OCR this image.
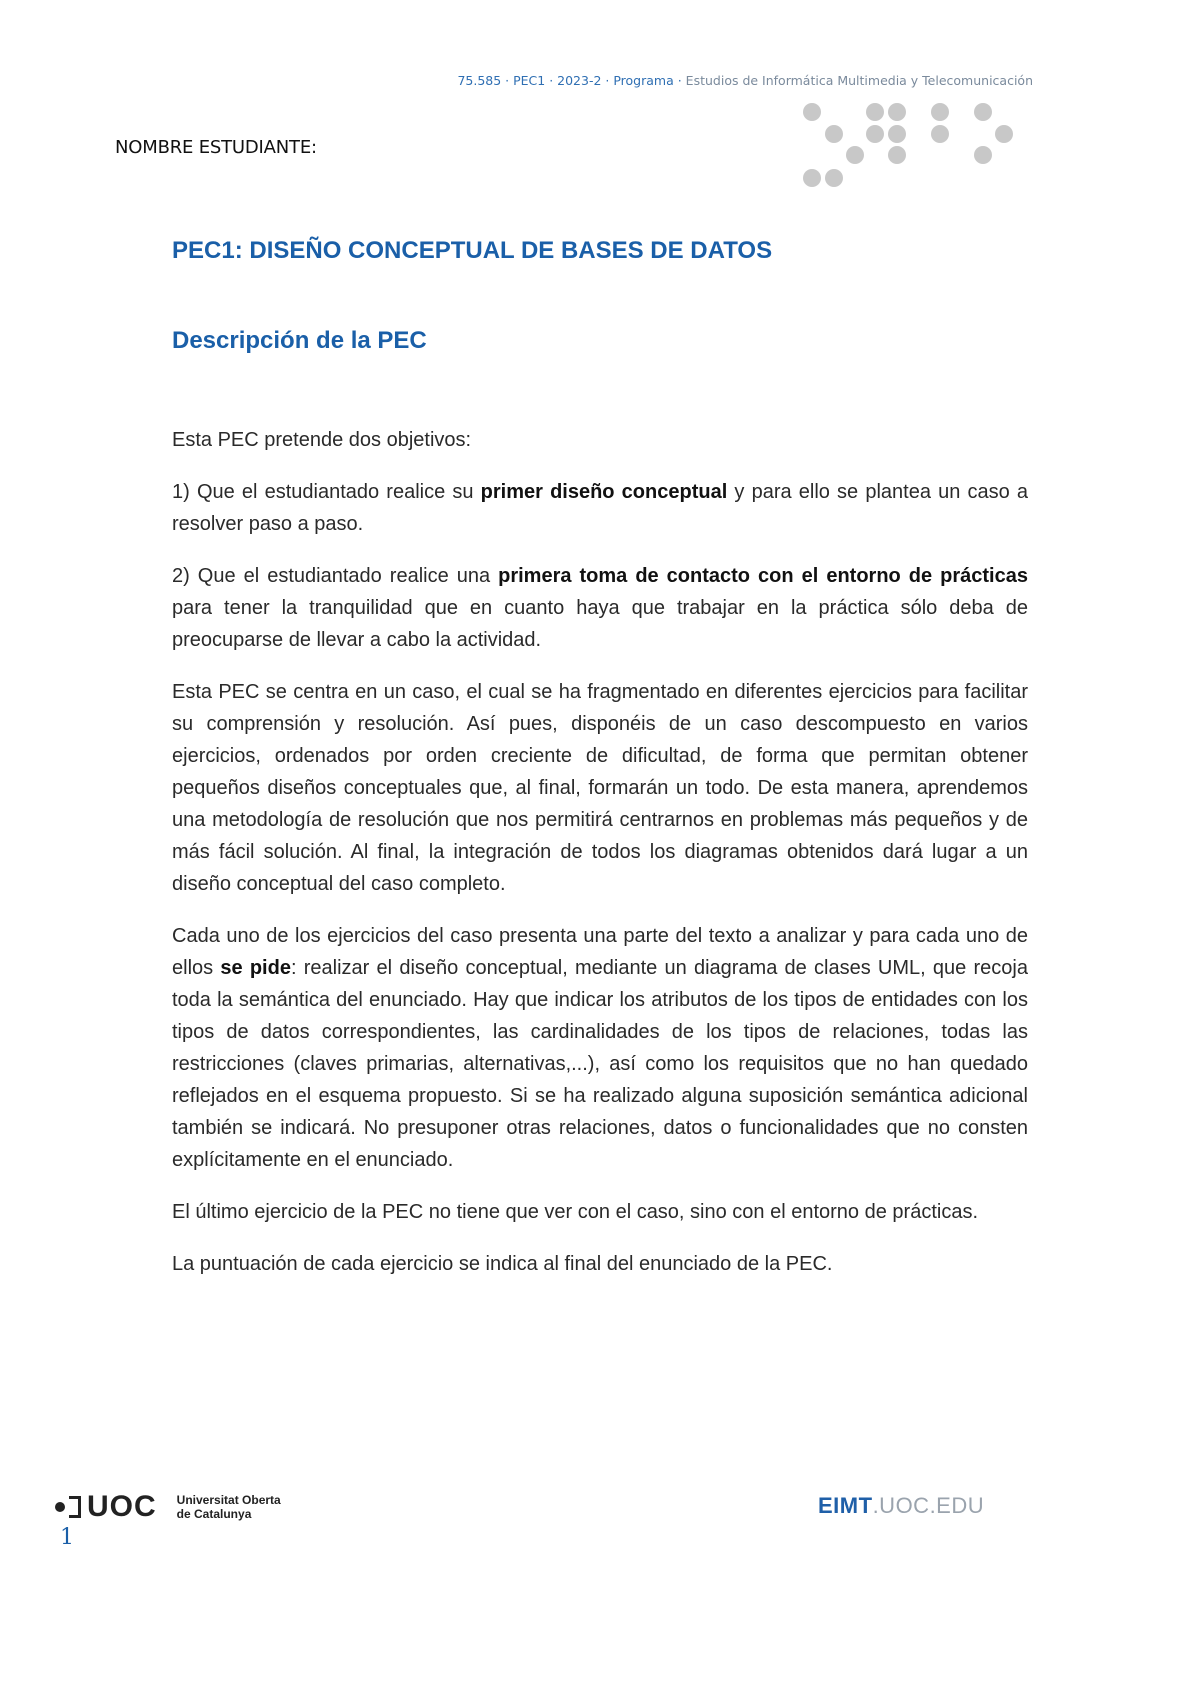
75.585 · PEC1 · 2023-2 · Programa · Estudios de Informática Multimedia y Telecomunicación
NOMBRE ESTUDIANTE:
PEC1: DISEÑO CONCEPTUAL DE BASES DE DATOS
Descripción de la PEC

Esta PEC pretende dos objetivos:

1) Que el estudiantado realice su primer diseño conceptual y para ello se plantea un caso a resolver paso a paso.

2) Que el estudiantado realice una primera toma de contacto con el entorno de prácticas para tener la tranquilidad que en cuanto haya que trabajar en la práctica sólo deba de preocuparse de llevar a cabo la actividad.

Esta PEC se centra en un caso, el cual se ha fragmentado en diferentes ejercicios para facilitar su comprensión y resolución. Así pues, disponéis de un caso descompuesto en varios ejercicios, ordenados por orden creciente de dificultad, de forma que permitan obtener pequeños diseños conceptuales que, al final, formarán un todo. De esta manera, aprendemos una metodología de resolución que nos permitirá centrarnos en problemas más pequeños y de más fácil solución. Al final, la integración de todos los diagramas obtenidos dará lugar a un diseño conceptual del caso completo.

Cada uno de los ejercicios del caso presenta una parte del texto a analizar y para cada uno de ellos se pide: realizar el diseño conceptual, mediante un diagrama de clases UML, que recoja toda la semántica del enunciado. Hay que indicar los atributos de los tipos de entidades con los tipos de datos correspondientes, las cardinalidades de los tipos de relaciones, todas las restricciones (claves primarias, alternativas,...), así como los requisitos que no han quedado reflejados en el esquema propuesto. Si se ha realizado alguna suposición semántica adicional también se indicará. No presuponer otras relaciones, datos o funcionalidades que no consten explícitamente en el enunciado.

El último ejercicio de la PEC no tiene que ver con el caso, sino con el entorno de prácticas.

La puntuación de cada ejercicio se indica al final del enunciado de la PEC.

UOC Universitat Oberta
de Catalunya	EIMT.UOC.EDU
1
